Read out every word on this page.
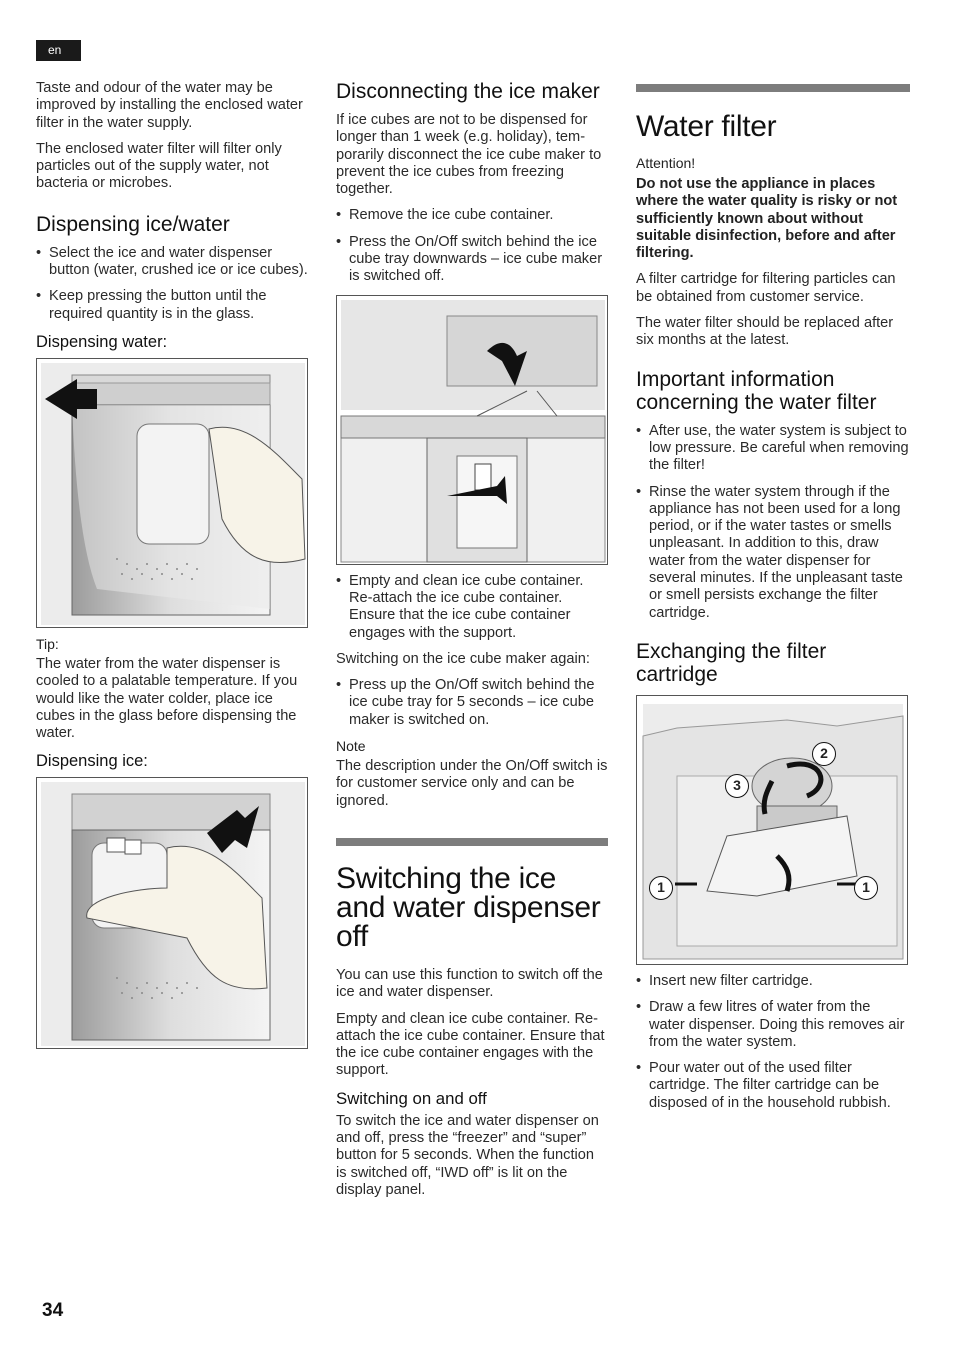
en

Taste and odour of the water may be improved by installing the enclosed water filter in the water supply.

The enclosed water filter will filter only particles out of the supply water, not bacteria or microbes.

Dispensing ice/water
• Select the ice and water dispenser button (water, crushed ice or ice cubes).
• Keep pressing the button until the required quantity is in the glass.
Dispensing water:
Tip:

The water from the water dispenser is cooled to a palatable temperature. If you would like the water colder, place ice cubes in the glass before dispensing the water.

Dispensing ice:
Disconnecting the ice maker

If ice cubes are not to be dispensed for longer than 1 week (e.g. holiday), temporarily disconnect the ice cube maker to prevent the ice cubes from freezing together.

• Remove the ice cube container.
• Press the On/Off switch behind the ice cube tray downwards – ice cube maker is switched off.
• Empty and clean ice cube container. Re-attach the ice cube container. Ensure that the ice cube container engages with the support.

Switching on the ice cube maker again:

• Press up the On/Off switch behind the ice cube tray for 5 seconds – ice cube maker is switched on.
Note

The description under the On/Off switch is for customer service only and can be ignored.

Switching the ice and water dispenser off

You can use this function to switch off the ice and water dispenser.

Empty and clean ice cube container. Re-attach the ice cube container. Ensure that the ice cube container engages with the support.

Switching on and off

To switch the ice and water dispenser on and off, press the “freezer” and “super” button for 5 seconds. When the function is switched off, “IWD off” is lit on the display panel.

Water filter
Attention!

Do not use the appliance in places where the water quality is risky or not sufficiently known about without suitable disinfection, before and after filtering.

A filter cartridge for filtering particles can be obtained from customer service.

The water filter should be replaced after six months at the latest.

Important information concerning the water filter
• After use, the water system is subject to low pressure. Be careful when removing the filter!
• Rinse the water system through if the appliance has not been used for a long period, or if the water tastes or smells unpleasant. In addition to this, draw water from the water dispenser for several minutes. If the unpleasant taste or smell persists exchange the filter cartridge.
Exchanging the filter cartridge
1	1
2
3
• Insert new filter cartridge.
• Draw a few litres of water from the water dispenser. Doing this removes air from the water system.
• Pour water out of the used filter cartridge. The filter cartridge can be disposed of in the household rubbish.
34
